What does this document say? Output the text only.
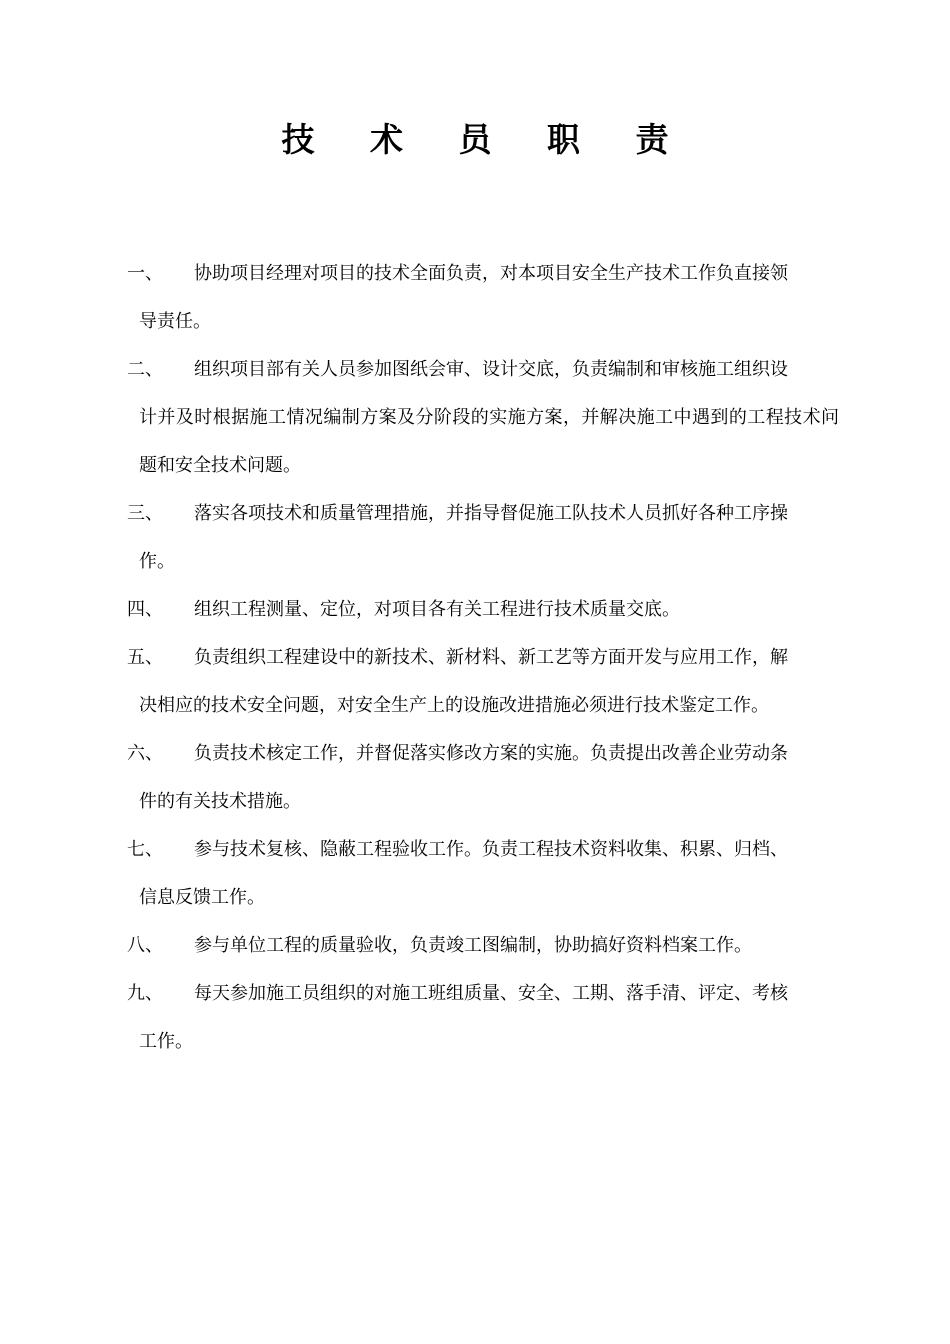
技 术 员 职 责
一、	协助项目经理对项目的技术全面负责，对本项目安全生产技术工作负直接领
导责任。
二、	组织项目部有关人员参加图纸会审、设计交底，负责编制和审核施工组织设
计并及时根据施工情况编制方案及分阶段的实施方案，并解决施工中遇到的工程技术问题和安全技术问题。
三、	落实各项技术和质量管理措施，并指导督促施工队技术人员抓好各种工序操
作。
四、	组织工程测量、定位，对项目各有关工程进行技术质量交底。
五、	负责组织工程建设中的新技术、新材料、新工艺等方面开发与应用工作，解
决相应的技术安全问题，对安全生产上的设施改进措施必须进行技术鉴定工作。
六、	负责技术核定工作，并督促落实修改方案的实施。负责提出改善企业劳动条
件的有关技术措施。
七、	参与技术复核、隐蔽工程验收工作。负责工程技术资料收集、积累、归档、
信息反馈工作。
八、	参与单位工程的质量验收，负责竣工图编制，协助搞好资料档案工作。
九、	每天参加施工员组织的对施工班组质量、安全、工期、落手清、评定、考核
工作。
